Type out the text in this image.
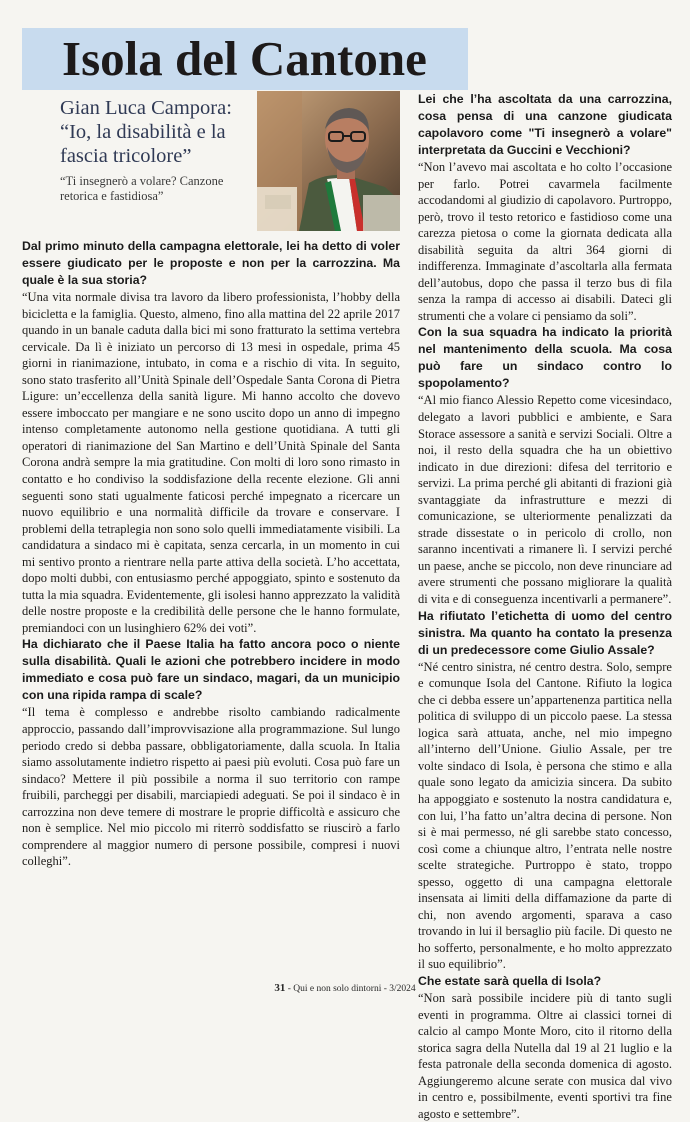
Isola del Cantone
Gian Luca Campora: “Io, la disabilità e la fascia tricolore”

“Ti insegnerò a volare? Canzone retorica e fastidiosa”

Dal primo minuto della campagna elettorale, lei ha detto di voler essere giudicato per le proposte e non per la carrozzina. Ma quale è la sua storia?

“Una vita normale divisa tra lavoro da libero professionista, l’hobby della bicicletta e la famiglia. Questo, almeno, fino alla mattina del 22 aprile 2017 quando in un banale caduta dalla bici mi sono fratturato la settima vertebra cervicale. Da lì è iniziato un percorso di 13 mesi in ospedale, prima 45 giorni in rianimazione, intubato, in coma e a rischio di vita. In seguito, sono stato trasferito all’Unità Spinale dell’Ospedale Santa Corona di Pietra Ligure: un’eccellenza della sanità ligure. Mi hanno accolto che dovevo essere imboccato per mangiare e ne sono uscito dopo un anno di impegno intenso completamente autonomo nella gestione quotidiana. A tutti gli operatori di rianimazione del San Martino e dell’Unità Spinale del Santa Corona andrà sempre la mia gratitudine. Con molti di loro sono rimasto in contatto e ho condiviso la soddisfazione della recente elezione. Gli anni seguenti sono stati ugualmente faticosi perché impegnato a ricercare un nuovo equilibrio e una normalità difficile da trovare e conservare. I problemi della tetraplegia non sono solo quelli immediatamente visibili. La candidatura a sindaco mi è capitata, senza cercarla, in un momento in cui mi sentivo pronto a rientrare nella parte attiva della società. L’ho accettata, dopo molti dubbi, con entusiasmo perché appoggiato, spinto e sostenuto da tutta la mia squadra. Evidentemente, gli isolesi hanno apprezzato la validità delle nostre proposte e la credibilità delle persone che le hanno formulate, premiandoci con un lusinghiero 62% dei voti”.

Ha dichiarato che il Paese Italia ha fatto ancora poco o niente sulla disabilità. Quali le azioni che potrebbero incidere in modo immediato e cosa può fare un sindaco, magari, da un municipio con una ripida rampa di scale?

“Il tema è complesso e andrebbe risolto cambiando radicalmente approccio, passando dall’improvvisazione alla programmazione. Sul lungo periodo credo si debba passare, obbligatoriamente, dalla scuola. In Italia siamo assolutamente indietro rispetto ai paesi più evoluti. Cosa può fare un sindaco? Mettere il più possibile a norma il suo territorio con rampe fruibili, parcheggi per disabili, marciapiedi adeguati. Se poi il sindaco è in carrozzina non deve temere di mostrare le proprie difficoltà e assicuro che non è semplice. Nel mio piccolo mi riterrò soddisfatto se riuscirò a farlo comprendere al maggior numero di persone possibile, compresi i nuovi colleghi”.

Lei che l’ha ascoltata da una carrozzina, cosa pensa di una canzone giudicata capolavoro come "Ti insegnerò a volare" interpretata da Guccini e Vecchioni?

“Non l’avevo mai ascoltata e ho colto l’occasione per farlo. Potrei cavarmela facilmente accodandomi al giudizio di capolavoro. Purtroppo, però, trovo il testo retorico e fastidioso come una carezza pietosa o come la giornata dedicata alla disabilità seguita da altri 364 giorni di indifferenza. Immaginate d’ascoltarla alla fermata dell’autobus, dopo che passa il terzo bus di fila senza la rampa di accesso ai disabili. Dateci gli strumenti che a volare ci pensiamo da soli”.

Con la sua squadra ha indicato la priorità nel mantenimento della scuola. Ma cosa può fare un sindaco contro lo spopolamento?

“Al mio fianco Alessio Repetto come vicesindaco, delegato a lavori pubblici e ambiente, e Sara Storace assessore a sanità e servizi Sociali. Oltre a noi, il resto della squadra che ha un obiettivo indicato in due direzioni: difesa del territorio e servizi. La prima perché gli abitanti di frazioni già svantaggiate da infrastrutture e mezzi di comunicazione, se ulteriormente penalizzati da strade dissestate o in pericolo di crollo, non saranno incentivati a rimanere lì. I servizi perché un paese, anche se piccolo, non deve rinunciare ad avere strumenti che possano migliorare la qualità di vita e di conseguenza incentivarli a permanere”.

Ha rifiutato l’etichetta di uomo del centro sinistra. Ma quanto ha contato la presenza di un predecessore come Giulio Assale?

“Né centro sinistra, né centro destra. Solo, sempre e comunque Isola del Cantone. Rifiuto la logica che ci debba essere un’appartenenza partitica nella politica di sviluppo di un piccolo paese. La stessa logica sarà attuata, anche, nel mio impegno all’interno dell’Unione. Giulio Assale, per tre volte sindaco di Isola, è persona che stimo e alla quale sono legato da amicizia sincera. Da subito ha appoggiato e sostenuto la nostra candidatura e, con lui, l’ha fatto un’altra decina di persone. Non si è mai permesso, né gli sarebbe stato concesso, così come a chiunque altro, l’entrata nelle nostre scelte strategiche. Purtroppo è stato, troppo spesso, oggetto di una campagna elettorale insensata ai limiti della diffamazione da parte di chi, non avendo argomenti, sparava a caso trovando in lui il bersaglio più facile. Di questo ne ho sofferto, personalmente, e ho molto apprezzato il suo equilibrio”.

Che estate sarà quella di Isola?

“Non sarà possibile incidere più di tanto sugli eventi in programma. Oltre ai classici tornei di calcio al campo Monte Moro, cito il ritorno della storica sagra della Nutella dal 19 al 21 luglio e la festa patronale della seconda domenica di agosto. Aggiungeremo alcune serate con musica dal vivo in centro e, possibilmente, eventi sportivi tra fine agosto e settembre”.

31 - Qui e non solo dintorni - 3/2024
